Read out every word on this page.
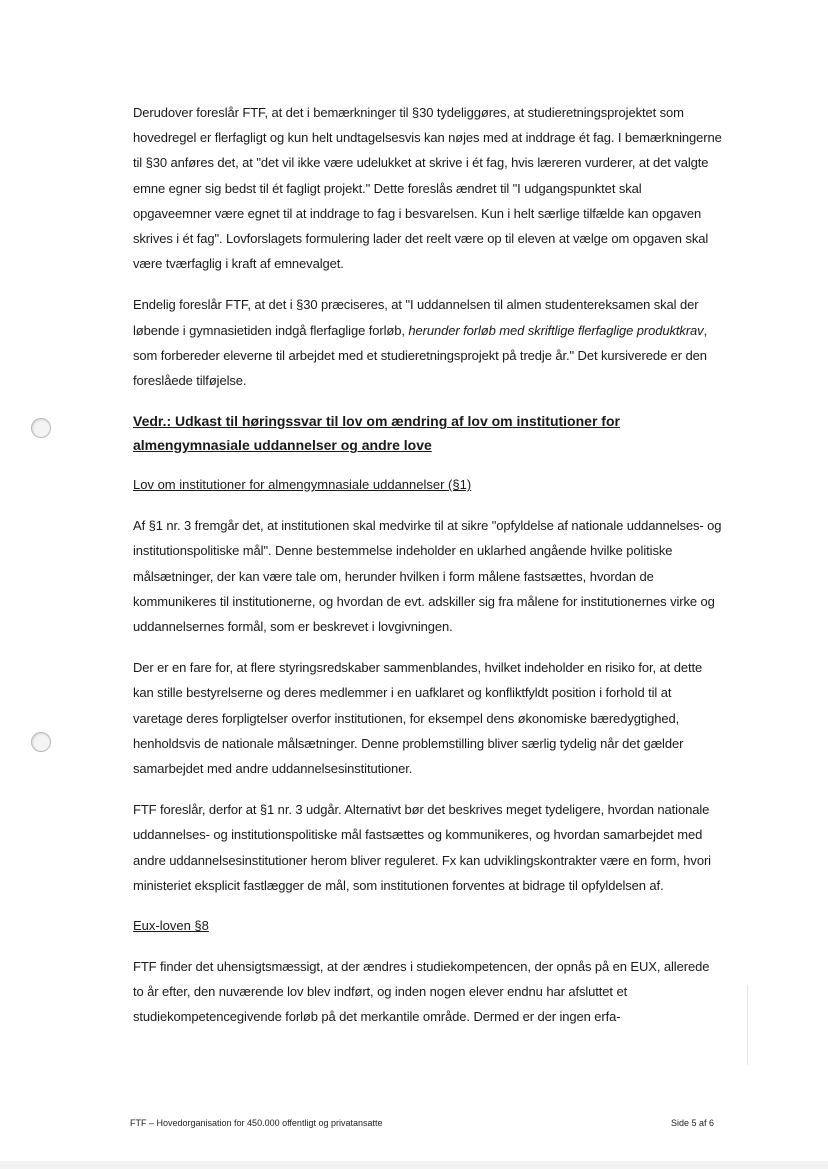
Derudover foreslår FTF, at det i bemærkninger til §30 tydeliggøres, at studieretningsprojektet som hovedregel er flerfagligt og kun helt undtagelsesvis kan nøjes med at inddrage ét fag. I bemærkningerne til §30 anføres det, at "det vil ikke være udelukket at skrive i ét fag, hvis læreren vurderer, at det valgte emne egner sig bedst til ét fagligt projekt." Dette foreslås ændret til "I udgangspunktet skal opgaveemner være egnet til at inddrage to fag i besvarelsen. Kun i helt særlige tilfælde kan opgaven skrives i ét fag". Lovforslagets formulering lader det reelt være op til eleven at vælge om opgaven skal være tværfaglig i kraft af emnevalget.

Endelig foreslår FTF, at det i §30 præciseres, at "I uddannelsen til almen studentereksamen skal der løbende i gymnasietiden indgå flerfaglige forløb, herunder forløb med skriftlige flerfaglige produktkrav, som forbereder eleverne til arbejdet med et studieretningsprojekt på tredje år." Det kursiverede er den foreslåede tilføjelse.

Vedr.: Udkast til høringssvar til lov om ændring af lov om institutioner for almengymnasiale uddannelser og andre love
Lov om institutioner for almengymnasiale uddannelser (§1)

Af §1 nr. 3 fremgår det, at institutionen skal medvirke til at sikre "opfyldelse af nationale uddannelses- og institutionspolitiske mål". Denne bestemmelse indeholder en uklarhed angående hvilke politiske målsætninger, der kan være tale om, herunder hvilken i form målene fastsættes, hvordan de kommunikeres til institutionerne, og hvordan de evt. adskiller sig fra målene for institutionernes virke og uddannelsernes formål, som er beskrevet i lovgivningen.

Der er en fare for, at flere styringsredskaber sammenblandes, hvilket indeholder en risiko for, at dette kan stille bestyrelserne og deres medlemmer i en uafklaret og konfliktfyldt position i forhold til at varetage deres forpligtelser overfor institutionen, for eksempel dens økonomiske bæredygtighed, henholdsvis de nationale målsætninger. Denne problemstilling bliver særlig tydelig når det gælder samarbejdet med andre uddannelsesinstitutioner.

FTF foreslår, derfor at §1 nr. 3 udgår. Alternativt bør det beskrives meget tydeligere, hvordan nationale uddannelses- og institutionspolitiske mål fastsættes og kommunikeres, og hvordan samarbejdet med andre uddannelsesinstitutioner herom bliver reguleret. Fx kan udviklingskontrakter være en form, hvori ministeriet eksplicit fastlægger de mål, som institutionen forventes at bidrage til opfyldelsen af.

Eux-loven §8

FTF finder det uhensigtsmæssigt, at der ændres i studiekompetencen, der opnås på en EUX, allerede to år efter, den nuværende lov blev indført, og inden nogen elever endnu har afsluttet et studiekompetencegivende forløb på det merkantile område. Dermed er der ingen erfa-

FTF – Hovedorganisation for 450.000 offentligt og privatansatte	Side 5 af 6
